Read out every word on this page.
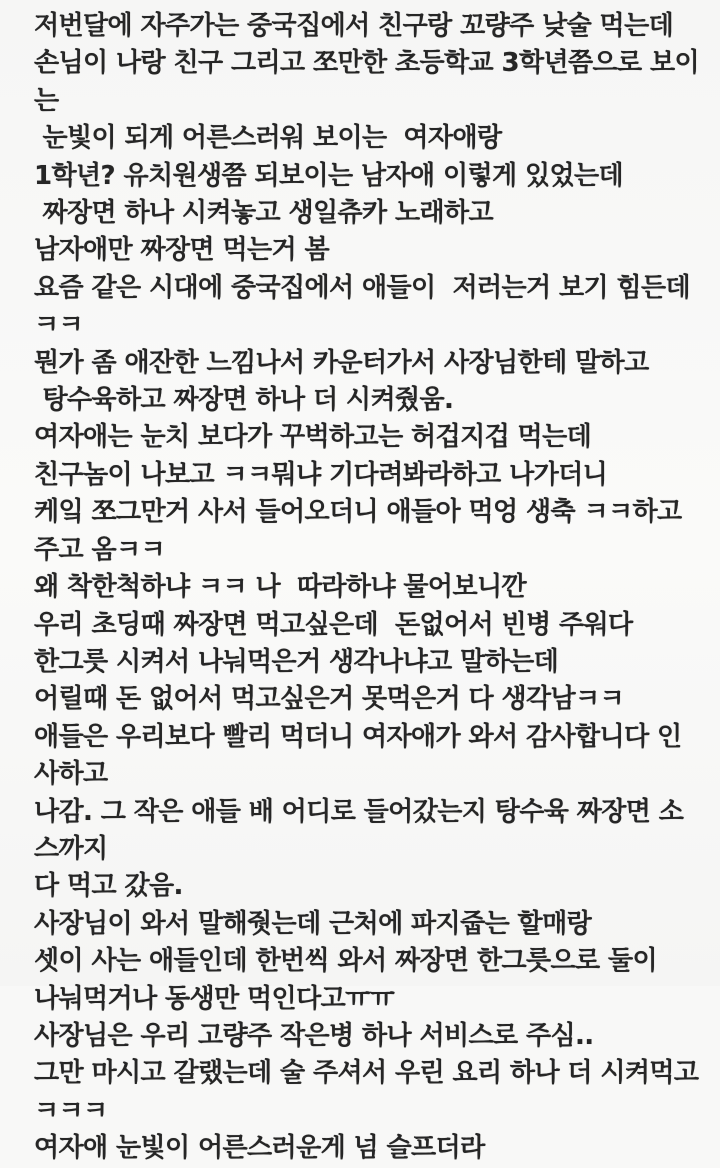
저번달에 자주가는 중국집에서 친구랑 꼬량주 낮술 먹는데
손님이 나랑 친구 그리고 쪼만한 초등학교 3학년쯤으로 보이는
눈빛이 되게 어른스러워 보이는  여자애랑
1학년? 유치원생쯤 되보이는 남자애 이렇게 있었는데
짜장면 하나 시켜놓고 생일츄카 노래하고
남자애만 짜장면 먹는거 봄
요즘 같은 시대에 중국집에서 애들이  저러는거 보기 힘든데 ㅋㅋ
뭔가 좀 애잔한 느낌나서 카운터가서 사장님한테 말하고
탕수육하고 짜장면 하나 더 시켜줬움.
여자애는 눈치 보다가 꾸벅하고는 허겁지겁 먹는데
친구놈이 나보고 ㅋㅋ뭐냐 기다려봐라하고 나가더니
케잌 쪼그만거 사서 들어오더니 애들아 먹엉 생축 ㅋㅋ하고
주고 옴ㅋㅋ
왜 착한척하냐 ㅋㅋ 나  따라하냐 물어보니깐
우리 초딩때 짜장면 먹고싶은데  돈없어서 빈병 주워다
한그릇 시켜서 나눠먹은거 생각나냐고 말하는데
어릴때 돈 없어서 먹고싶은거 못먹은거 다 생각남ㅋㅋ
애들은 우리보다 빨리 먹더니 여자애가 와서 감사합니다 인사하고
나감. 그 작은 애들 배 어디로 들어갔는지 탕수육 짜장면 소스까지
다 먹고 갔음.
사장님이 와서 말해줫는데 근처에 파지줍는 할매랑
셋이 사는 애들인데 한번씩 와서 짜장면 한그릇으로 둘이
나눠먹거나 동생만 먹인다고ㅠㅠ
사장님은 우리 고량주 작은병 하나 서비스로 주심..
그만 마시고 갈랬는데 술 주셔서 우린 요리 하나 더 시켜먹고 ㅋㅋㅋ
여자애 눈빛이 어른스러운게 넘 슬프더라
